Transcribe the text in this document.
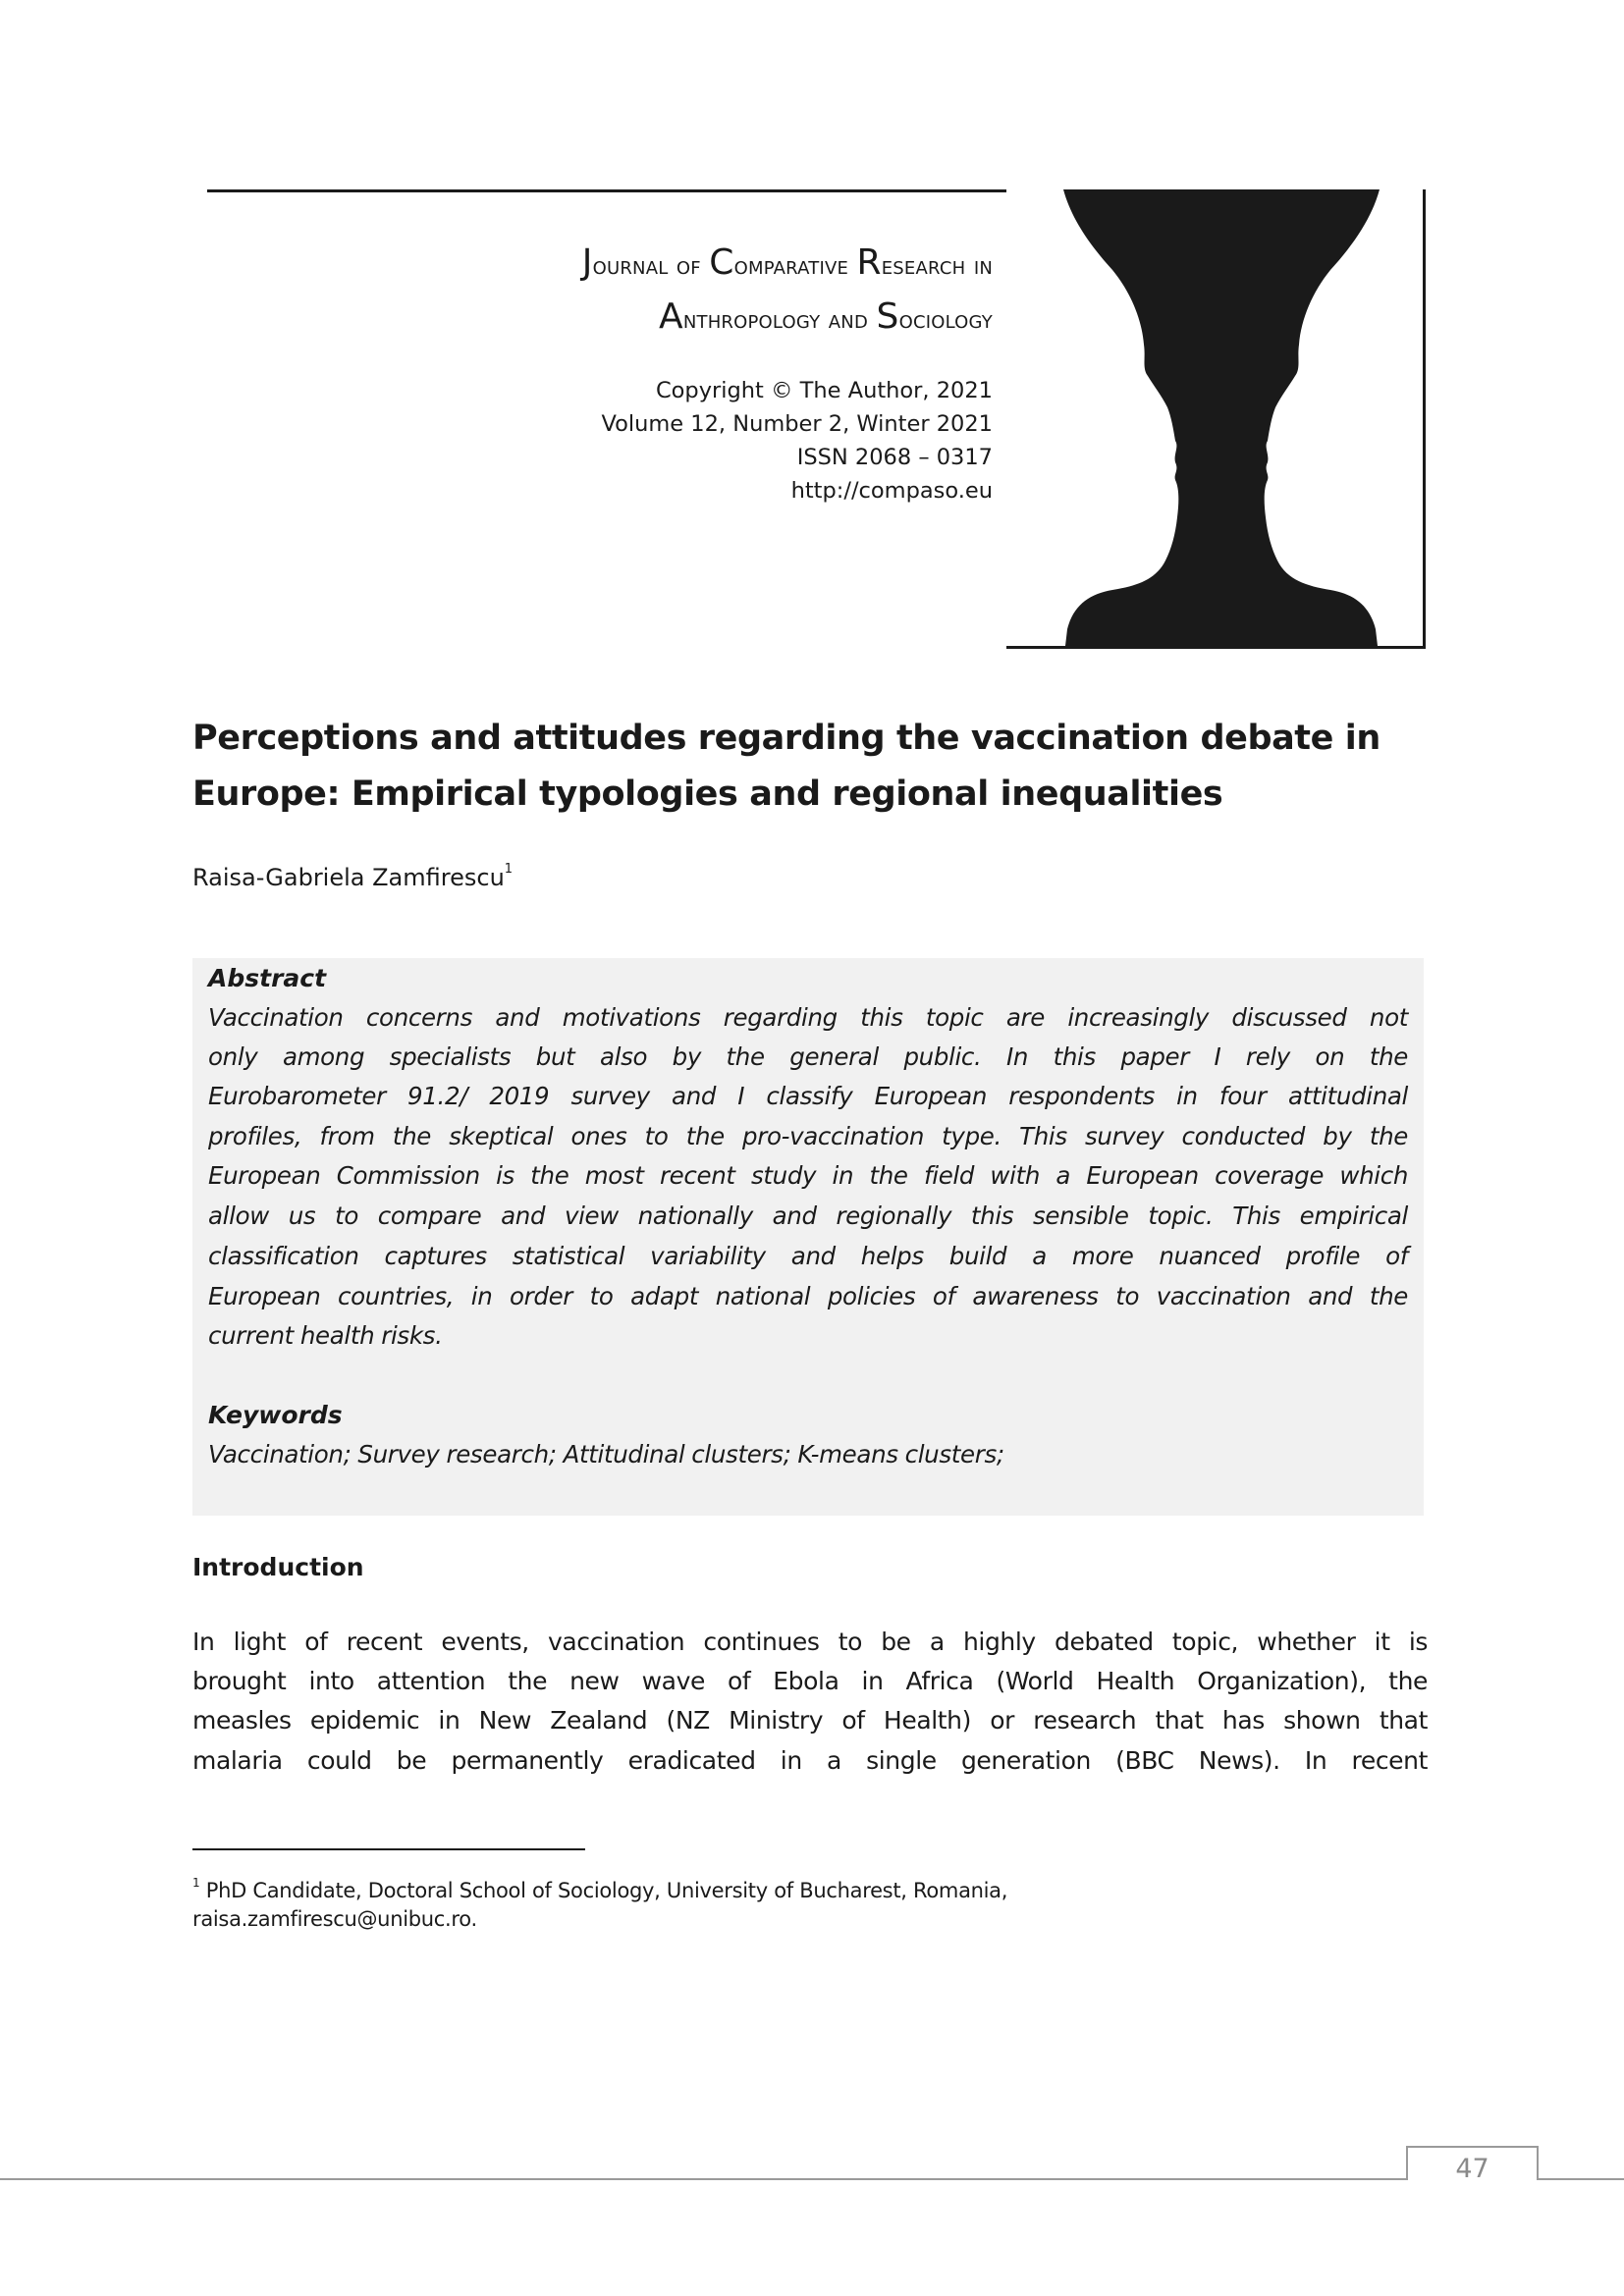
Journal of Comparative Research in
Anthropology and Sociology
Copyright © The Author, 2021
Volume 12, Number 2, Winter 2021
ISSN 2068 – 0317
http://compaso.eu
Perceptions and attitudes regarding the vaccination debate in
Europe: Empirical typologies and regional inequalities
Raisa-Gabriela Zamfirescu$^1$
Abstract
Vaccination concerns and motivations regarding this topic are increasingly discussed not
only among specialists but also by the general public. In this paper I rely on the
Eurobarometer 91.2/ 2019 survey and I classify European respondents in four attitudinal
profiles, from the skeptical ones to the pro-vaccination type. This survey conducted by the
European Commission is the most recent study in the field with a European coverage which
allow us to compare and view nationally and regionally this sensible topic. This empirical
classification captures statistical variability and helps build a more nuanced profile of
European countries, in order to adapt national policies of awareness to vaccination and the
current health risks.
Keywords
Vaccination; Survey research; Attitudinal clusters; K-means clusters;
Introduction
In light of recent events, vaccination continues to be a highly debated topic, whether it is
brought into attention the new wave of Ebola in Africa (World Health Organization), the
measles epidemic in New Zealand (NZ Ministry of Health) or research that has shown that
malaria could be permanently eradicated in a single generation (BBC News). In recent
$^1$ PhD Candidate, Doctoral School of Sociology, University of Bucharest, Romania,
raisa.zamfirescu@unibuc.ro.
47
